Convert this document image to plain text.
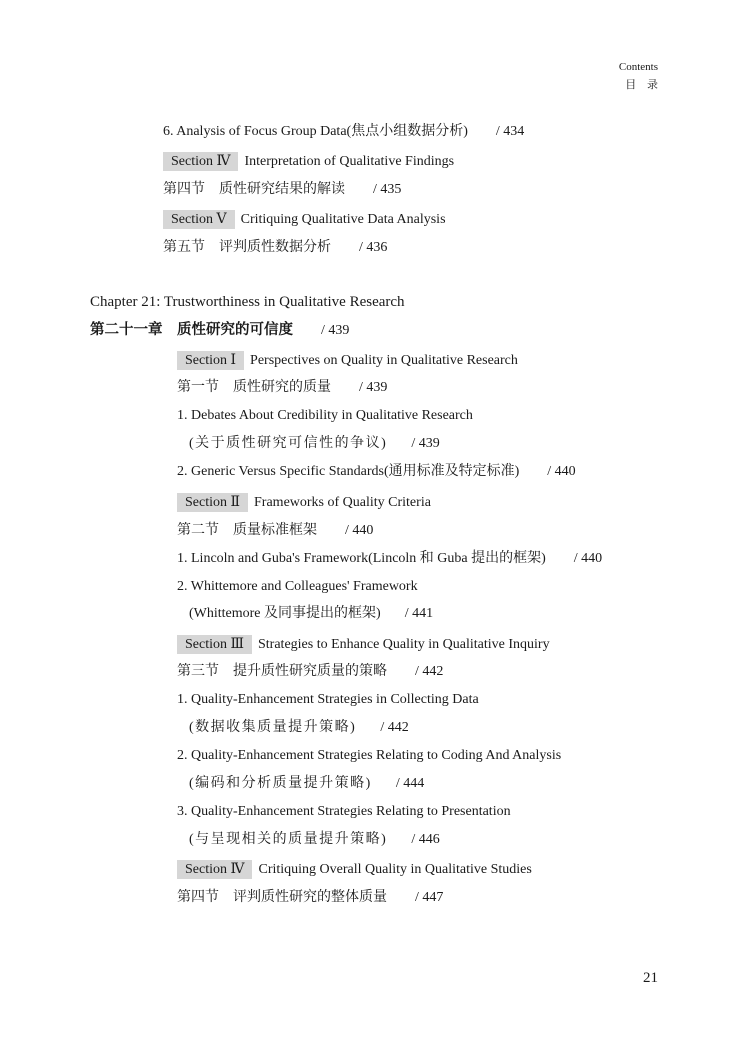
Contents
目 录
6. Analysis of Focus Group Data(焦点小组数据分析) / 434
Section Ⅳ Interpretation of Qualitative Findings
第四节　质性研究结果的解读 / 435
Section Ⅴ Critiquing Qualitative Data Analysis
第五节　评判质性数据分析 / 436
Chapter 21: Trustworthiness in Qualitative Research
第二十一章　质性研究的可信度 / 439
Section Ⅰ Perspectives on Quality in Qualitative Research
第一节　质性研究的质量 / 439
1. Debates About Credibility in Qualitative Research
(关于质性研究可信性的争议) / 439
2. Generic Versus Specific Standards(通用标准及特定标准) / 440
Section Ⅱ Frameworks of Quality Criteria
第二节　质量标准框架 / 440
1. Lincoln and Guba's Framework(Lincoln 和 Guba 提出的框架) / 440
2. Whittemore and Colleagues' Framework
(Whittemore 及同事提出的框架) / 441
Section Ⅲ Strategies to Enhance Quality in Qualitative Inquiry
第三节　提升质性研究质量的策略 / 442
1. Quality-Enhancement Strategies in Collecting Data
(数据收集质量提升策略) / 442
2. Quality-Enhancement Strategies Relating to Coding And Analysis
(编码和分析质量提升策略) / 444
3. Quality-Enhancement Strategies Relating to Presentation
(与呈现相关的质量提升策略) / 446
Section Ⅳ Critiquing Overall Quality in Qualitative Studies
第四节　评判质性研究的整体质量 / 447
21
